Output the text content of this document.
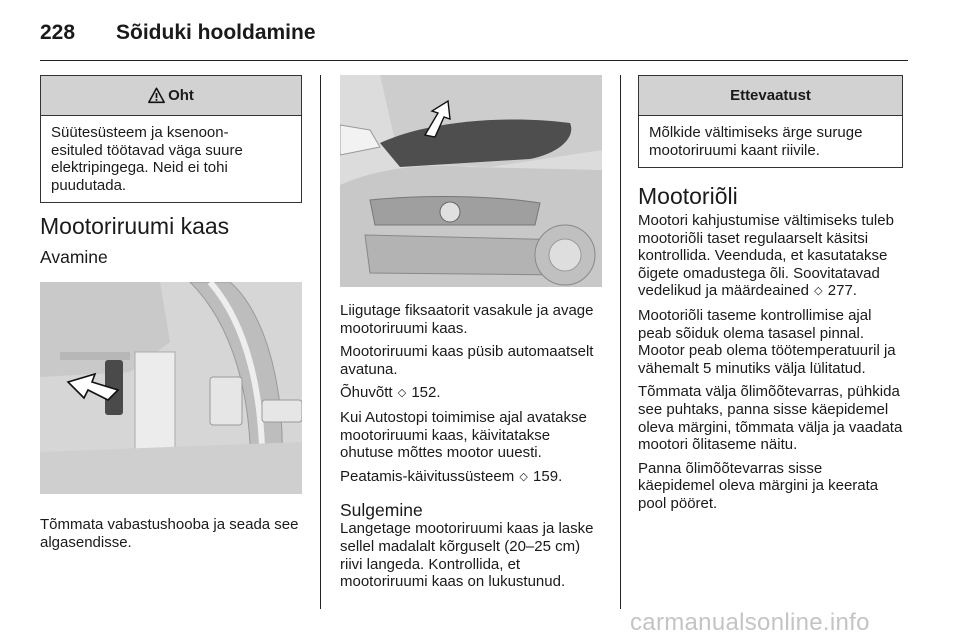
228	Sõiduki hooldamine
Oht
Süütesüsteem ja ksenoon-
esituled töötavad väga suure
elektripingega. Neid ei tohi
puudutada.
Mootoriruumi kaas
Avamine

Tõmmata vabastushooba ja seada see algasendisse.

Liigutage fiksaatorit vasakule ja avage mootoriruumi kaas.

Mootoriruumi kaas püsib automaatselt avatuna.

Õhuvõtt ◇ 152.

Kui Autostopi toimimise ajal avatakse mootoriruumi kaas, käivitatakse ohutuse mõttes mootor uuesti.

Peatamis-käivitussüsteem ◇ 159.

Sulgemine

Langetage mootoriruumi kaas ja laske sellel madalalt kõrguselt (20–25 cm) riivi langeda. Kontrollida, et mootoriruumi kaas on lukustunud.

Ettevaatust
Mõlkide vältimiseks ärge suruge mootoriruumi kaant riivile.
Mootoriõli

Mootori kahjustumise vältimiseks tuleb mootoriõli taset regulaarselt käsitsi kontrollida. Veenduda, et kasutatakse õigete omadustega õli. Soovitatavad vedelikud ja määrdeained ◇ 277.

Mootoriõli taseme kontrollimise ajal peab sõiduk olema tasasel pinnal. Mootor peab olema töötemperatuuril ja vähemalt 5 minutiks välja lülitatud.

Tõmmata välja õlimõõtevarras, pühkida see puhtaks, panna sisse käepidemel oleva märgini, tõmmata välja ja vaadata mootori õlitaseme näitu.

Panna õlimõõtevarras sisse käepidemel oleva märgini ja keerata pool pööret.

carmanualsonline.info
